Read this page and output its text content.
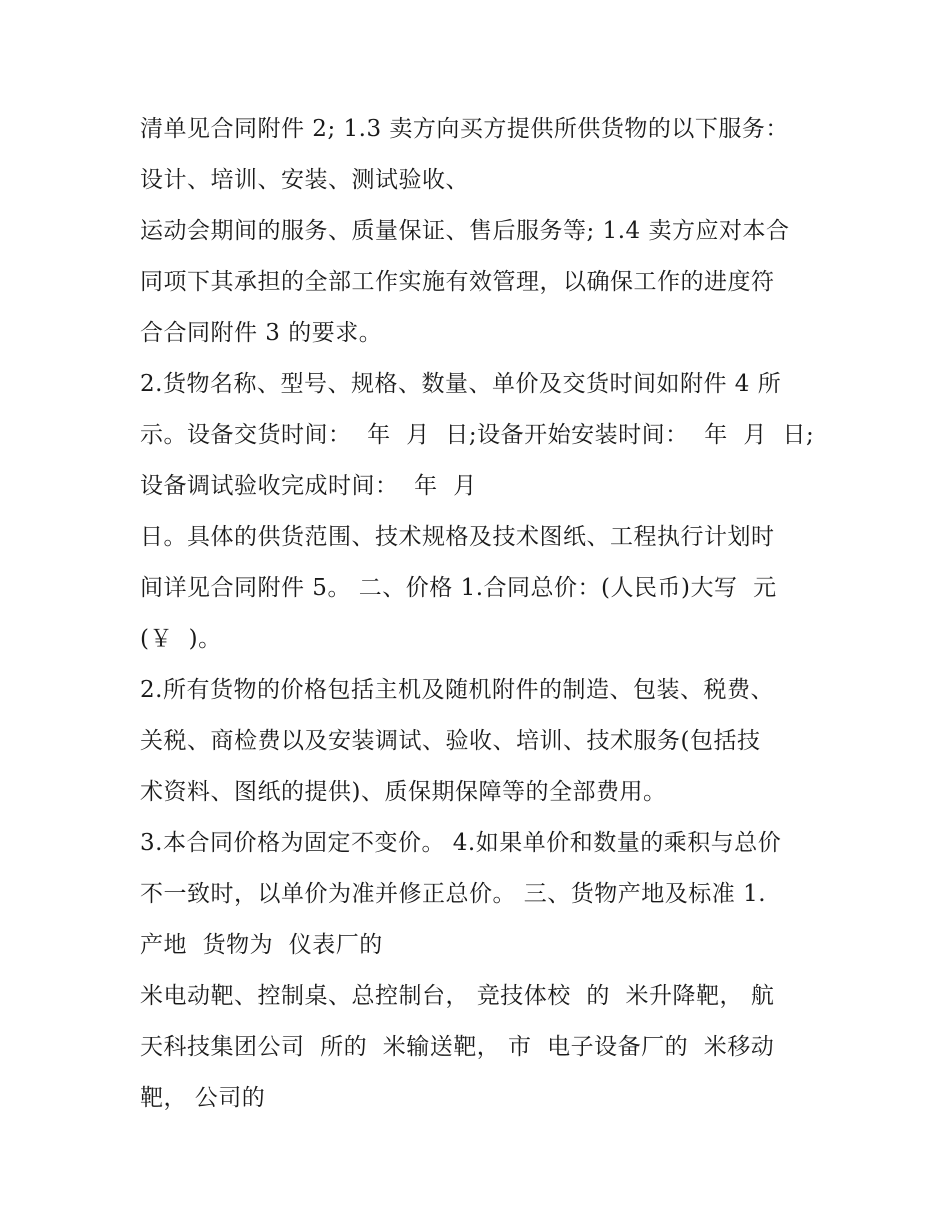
清单见合同附件 2; 1.3 卖方向买方提供所供货物的以下服务：
设计、培训、安装、测试验收、
运动会期间的服务、质量保证、售后服务等; 1.4 卖方应对本合
同项下其承担的全部工作实施有效管理，以确保工作的进度符
合合同附件 3 的要求。
2.货物名称、型号、规格、数量、单价及交货时间如附件 4 所
示。设备交货时间：  年  月  日;设备开始安装时间：  年  月  日;
设备调试验收完成时间：  年  月
日。具体的供货范围、技术规格及技术图纸、工程执行计划时
间详见合同附件 5。 二、价格 1.合同总价：(人民币)大写  元
(￥  )。
2.所有货物的价格包括主机及随机附件的制造、包装、税费、
关税、商检费以及安装调试、验收、培训、技术服务(包括技
术资料、图纸的提供)、质保期保障等的全部费用。
3.本合同价格为固定不变价。 4.如果单价和数量的乘积与总价
不一致时，以单价为准并修正总价。 三、货物产地及标准 1.
产地  货物为  仪表厂的
米电动靶、控制桌、总控制台， 竞技体校  的  米升降靶， 航
天科技集团公司  所的  米输送靶， 市  电子设备厂的  米移动
靶， 公司的
